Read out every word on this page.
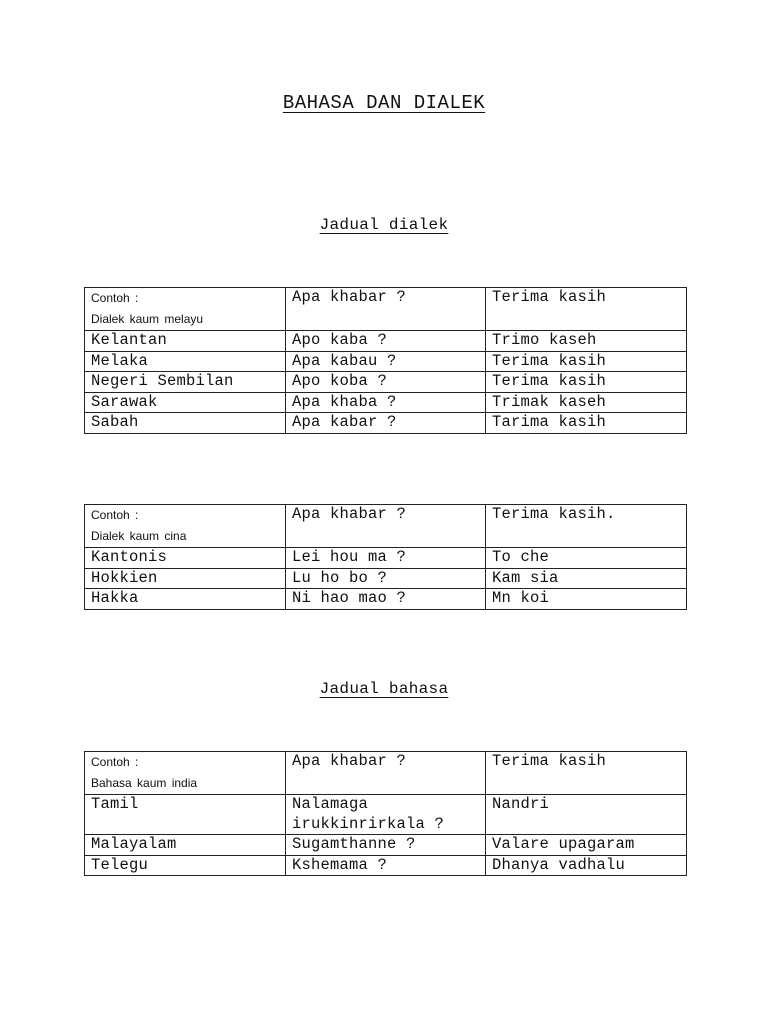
BAHASA DAN DIALEK
Jadual dialek
Contoh :
Dialek kaum melayu	Apa khabar ?	Terima kasih
Kelantan	Apo kaba ?	Trimo kaseh
Melaka	Apa kabau ?	Terima kasih
Negeri Sembilan	Apo koba ?	Terima kasih
Sarawak	Apa khaba ?	Trimak kaseh
Sabah	Apa kabar ?	Tarima kasih
Contoh :
Dialek kaum cina	Apa khabar ?	Terima kasih.
Kantonis	Lei hou ma ?	To che
Hokkien	Lu ho bo ?	Kam sia
Hakka	Ni hao mao ?	Mn koi
Jadual bahasa
Contoh :
Bahasa kaum india	Apa khabar ?	Terima kasih
Tamil	Nalamaga irukkinrirkala ?	Nandri
Malayalam	Sugamthanne ?	Valare upagaram
Telegu	Kshemama ?	Dhanya vadhalu
